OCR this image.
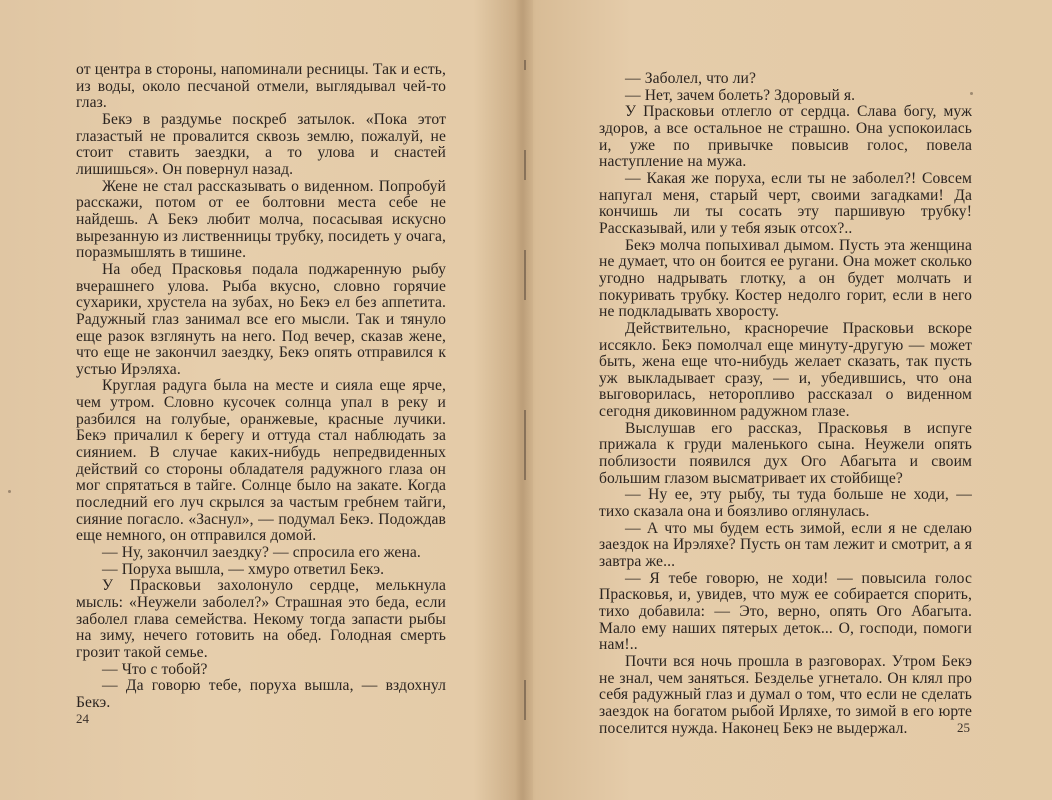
от центра в стороны, напоминали ресницы. Так и есть, из воды, около песчаной отмели, выглядывал чей-то глаз.

Бекэ в раздумье поскреб затылок. «Пока этот глазастый не провалится сквозь землю, пожалуй, не стоит ставить заездки, а то улова и снастей лишишься». Он повернул назад.

Жене не стал рассказывать о виденном. Попробуй расскажи, потом от ее болтовни места себе не найдешь. А Бекэ любит молча, посасывая искусно вырезанную из лиственницы трубку, посидеть у очага, поразмышлять в тишине.

На обед Прасковья подала поджаренную рыбу вчерашнего улова. Рыба вкусно, словно горячие сухарики, хрустела на зубах, но Бекэ ел без аппетита. Радужный глаз занимал все его мысли. Так и тянуло еще разок взглянуть на него. Под вечер, сказав жене, что еще не закончил заездку, Бекэ опять отправился к устью Ирэляха.

Круглая радуга была на месте и сияла еще ярче, чем утром. Словно кусочек солнца упал в реку и разбился на голубые, оранжевые, красные лучики. Бекэ причалил к берегу и оттуда стал наблюдать за сиянием. В случае каких-нибудь непредвиденных действий со стороны обладателя радужного глаза он мог спрятаться в тайге. Солнце было на закате. Когда последний его луч скрылся за частым гребнем тайги, сияние погасло. «Заснул», — подумал Бекэ. Подождав еще немного, он отправился домой.

— Ну, закончил заездку? — спросила его жена.

— Поруха вышла, — хмуро ответил Бекэ.

У Прасковьи захолонуло сердце, мелькнула мысль: «Неужели заболел?» Страшная это беда, если заболел глава семейства. Некому тогда запасти рыбы на зиму, нечего готовить на обед. Голодная смерть грозит такой семье.

— Что с тобой?

— Да говорю тебе, поруха вышла, — вздохнул Бекэ.

24

— Заболел, что ли?

— Нет, зачем болеть? Здоровый я.

У Прасковьи отлегло от сердца. Слава богу, муж здоров, а все остальное не страшно. Она успокоилась и, уже по привычке повысив голос, повела наступление на мужа.

— Какая же поруха, если ты не заболел?! Совсем напугал меня, старый черт, своими загадками! Да кончишь ли ты сосать эту паршивую трубку! Рассказывай, или у тебя язык отсох?..

Бекэ молча попыхивал дымом. Пусть эта женщина не думает, что он боится ее ругани. Она может сколько угодно надрывать глотку, а он будет молчать и покуривать трубку. Костер недолго горит, если в него не подкладывать хворосту.

Действительно, красноречие Прасковьи вскоре иссякло. Бекэ помолчал еще минуту-другую — может быть, жена еще что-нибудь желает сказать, так пусть уж выкладывает сразу, — и, убедившись, что она выговорилась, неторопливо рассказал о виденном сегодня диковинном радужном глазе.

Выслушав его рассказ, Прасковья в испуге прижала к груди маленького сына. Неужели опять поблизости появился дух Ого Абагыта и своим большим глазом высматривает их стойбище?

— Ну ее, эту рыбу, ты туда больше не ходи, — тихо сказала она и боязливо оглянулась.

— А что мы будем есть зимой, если я не сделаю заездок на Ирэляхе? Пусть он там лежит и смотрит, а я завтра же...

— Я тебе говорю, не ходи! — повысила голос Прасковья, и, увидев, что муж ее собирается спорить, тихо добавила: — Это, верно, опять Ого Абагыта. Мало ему наших пятерых деток... О, господи, помоги нам!..

Почти вся ночь прошла в разговорах. Утром Бекэ не знал, чем заняться. Безделье угнетало. Он клял про себя радужный глаз и думал о том, что если не сделать заездок на богатом рыбой Ирляхе, то зимой в его юрте поселится нужда. Наконец Бекэ не выдержал.	25
